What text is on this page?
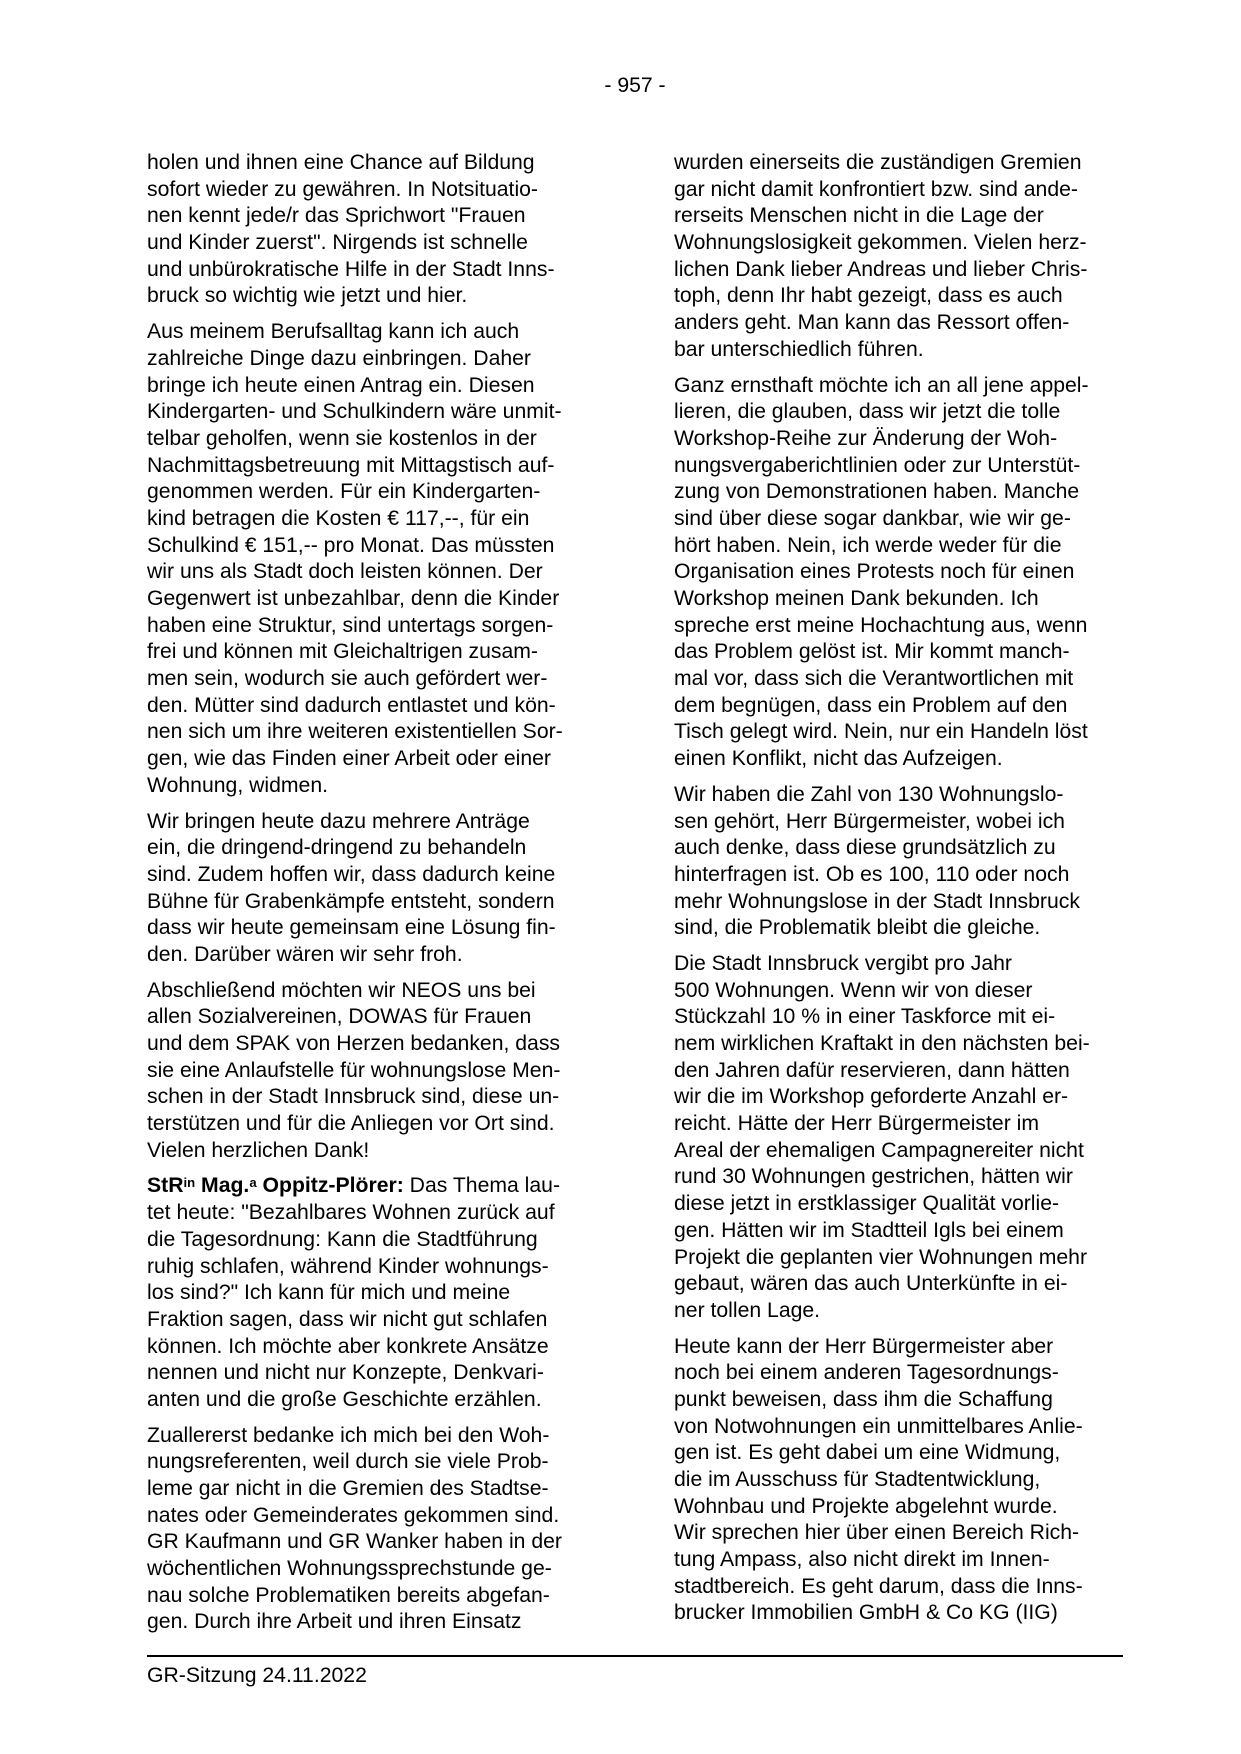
- 957 -
holen und ihnen eine Chance auf Bildung
sofort wieder zu gewähren. In Notsituatio-
nen kennt jede/r das Sprichwort "Frauen
und Kinder zuerst". Nirgends ist schnelle
und unbürokratische Hilfe in der Stadt Inns-
bruck so wichtig wie jetzt und hier.
Aus meinem Berufsalltag kann ich auch
zahlreiche Dinge dazu einbringen. Daher
bringe ich heute einen Antrag ein. Diesen
Kindergarten- und Schulkindern wäre unmit-
telbar geholfen, wenn sie kostenlos in der
Nachmittagsbetreuung mit Mittagstisch auf-
genommen werden. Für ein Kindergarten-
kind betragen die Kosten € 117,--, für ein
Schulkind € 151,-- pro Monat. Das müssten
wir uns als Stadt doch leisten können. Der
Gegenwert ist unbezahlbar, denn die Kinder
haben eine Struktur, sind untertags sorgen-
frei und können mit Gleichaltrigen zusam-
men sein, wodurch sie auch gefördert wer-
den. Mütter sind dadurch entlastet und kön-
nen sich um ihre weiteren existentiellen Sor-
gen, wie das Finden einer Arbeit oder einer
Wohnung, widmen.
Wir bringen heute dazu mehrere Anträge
ein, die dringend-dringend zu behandeln
sind. Zudem hoffen wir, dass dadurch keine
Bühne für Grabenkämpfe entsteht, sondern
dass wir heute gemeinsam eine Lösung fin-
den. Darüber wären wir sehr froh.
Abschließend möchten wir NEOS uns bei
allen Sozialvereinen, DOWAS für Frauen
und dem SPAK von Herzen bedanken, dass
sie eine Anlaufstelle für wohnungslose Men-
schen in der Stadt Innsbruck sind, diese un-
terstützen und für die Anliegen vor Ort sind.
Vielen herzlichen Dank!
StR$^{in}$ Mag.$^a$ Oppitz-Plörer: Das Thema lau-
tet heute: "Bezahlbares Wohnen zurück auf
die Tagesordnung: Kann die Stadtführung
ruhig schlafen, während Kinder wohnungs-
los sind?" Ich kann für mich und meine
Fraktion sagen, dass wir nicht gut schlafen
können. Ich möchte aber konkrete Ansätze
nennen und nicht nur Konzepte, Denkvari-
anten und die große Geschichte erzählen.
Zuallererst bedanke ich mich bei den Woh-
nungsreferenten, weil durch sie viele Prob-
leme gar nicht in die Gremien des Stadtse-
nates oder Gemeinderates gekommen sind.
GR Kaufmann und GR Wanker haben in der
wöchentlichen Wohnungssprechstunde ge-
nau solche Problematiken bereits abgefan-
gen. Durch ihre Arbeit und ihren Einsatz
wurden einerseits die zuständigen Gremien
gar nicht damit konfrontiert bzw. sind ande-
rerseits Menschen nicht in die Lage der
Wohnungslosigkeit gekommen. Vielen herz-
lichen Dank lieber Andreas und lieber Chris-
toph, denn Ihr habt gezeigt, dass es auch
anders geht. Man kann das Ressort offen-
bar unterschiedlich führen.
Ganz ernsthaft möchte ich an all jene appel-
lieren, die glauben, dass wir jetzt die tolle
Workshop-Reihe zur Änderung der Woh-
nungsvergaberichtlinien oder zur Unterstüt-
zung von Demonstrationen haben. Manche
sind über diese sogar dankbar, wie wir ge-
hört haben. Nein, ich werde weder für die
Organisation eines Protests noch für einen
Workshop meinen Dank bekunden. Ich
spreche erst meine Hochachtung aus, wenn
das Problem gelöst ist. Mir kommt manch-
mal vor, dass sich die Verantwortlichen mit
dem begnügen, dass ein Problem auf den
Tisch gelegt wird. Nein, nur ein Handeln löst
einen Konflikt, nicht das Aufzeigen.
Wir haben die Zahl von 130 Wohnungslo-
sen gehört, Herr Bürgermeister, wobei ich
auch denke, dass diese grundsätzlich zu
hinterfragen ist. Ob es 100, 110 oder noch
mehr Wohnungslose in der Stadt Innsbruck
sind, die Problematik bleibt die gleiche.
Die Stadt Innsbruck vergibt pro Jahr
500 Wohnungen. Wenn wir von dieser
Stückzahl 10 % in einer Taskforce mit ei-
nem wirklichen Kraftakt in den nächsten bei-
den Jahren dafür reservieren, dann hätten
wir die im Workshop geforderte Anzahl er-
reicht. Hätte der Herr Bürgermeister im
Areal der ehemaligen Campagnereiter nicht
rund 30 Wohnungen gestrichen, hätten wir
diese jetzt in erstklassiger Qualität vorlie-
gen. Hätten wir im Stadtteil Igls bei einem
Projekt die geplanten vier Wohnungen mehr
gebaut, wären das auch Unterkünfte in ei-
ner tollen Lage.
Heute kann der Herr Bürgermeister aber
noch bei einem anderen Tagesordnungs-
punkt beweisen, dass ihm die Schaffung
von Notwohnungen ein unmittelbares Anlie-
gen ist. Es geht dabei um eine Widmung,
die im Ausschuss für Stadtentwicklung,
Wohnbau und Projekte abgelehnt wurde.
Wir sprechen hier über einen Bereich Rich-
tung Ampass, also nicht direkt im Innen-
stadtbereich. Es geht darum, dass die Inns-
brucker Immobilien GmbH & Co KG (IIG)
GR-Sitzung 24.11.2022
